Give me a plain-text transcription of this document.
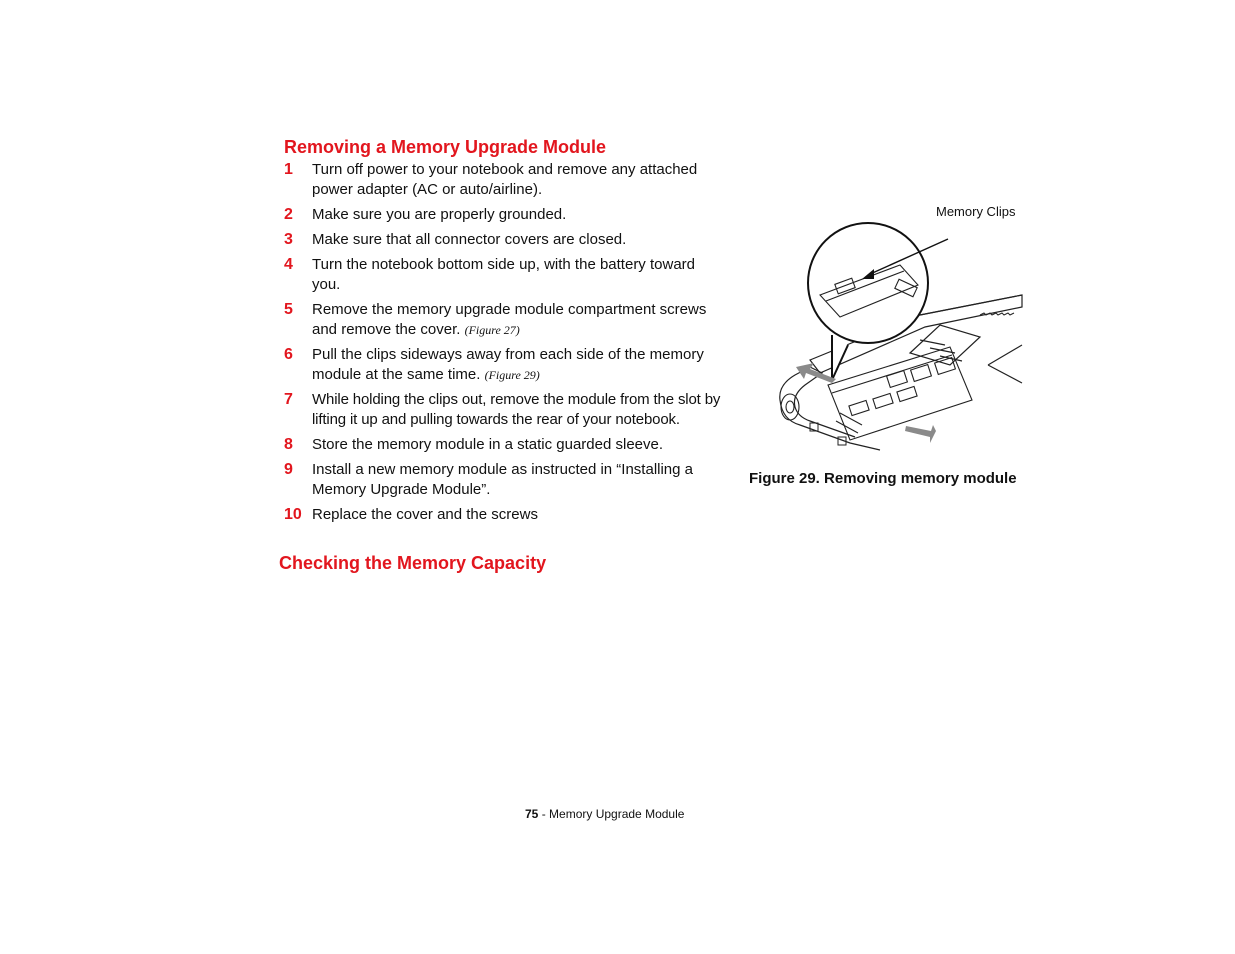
Removing a Memory Upgrade Module
1 Turn off power to your notebook and remove any attached power adapter (AC or auto/airline).
2 Make sure you are properly grounded.
3 Make sure that all connector covers are closed.
4 Turn the notebook bottom side up, with the battery toward you.
5 Remove the memory upgrade module compartment screws and remove the cover. (Figure 27)
6 Pull the clips sideways away from each side of the memory module at the same time. (Figure 29)
7 While holding the clips out, remove the module from the slot by lifting it up and pulling towards the rear of your notebook.
8 Store the memory module in a static guarded sleeve.
9 Install a new memory module as instructed in “Installing a Memory Upgrade Module”.
10 Replace the cover and the screws
Checking the Memory Capacity
Memory Clips
Figure 29. Removing memory module
75 - Memory Upgrade Module
